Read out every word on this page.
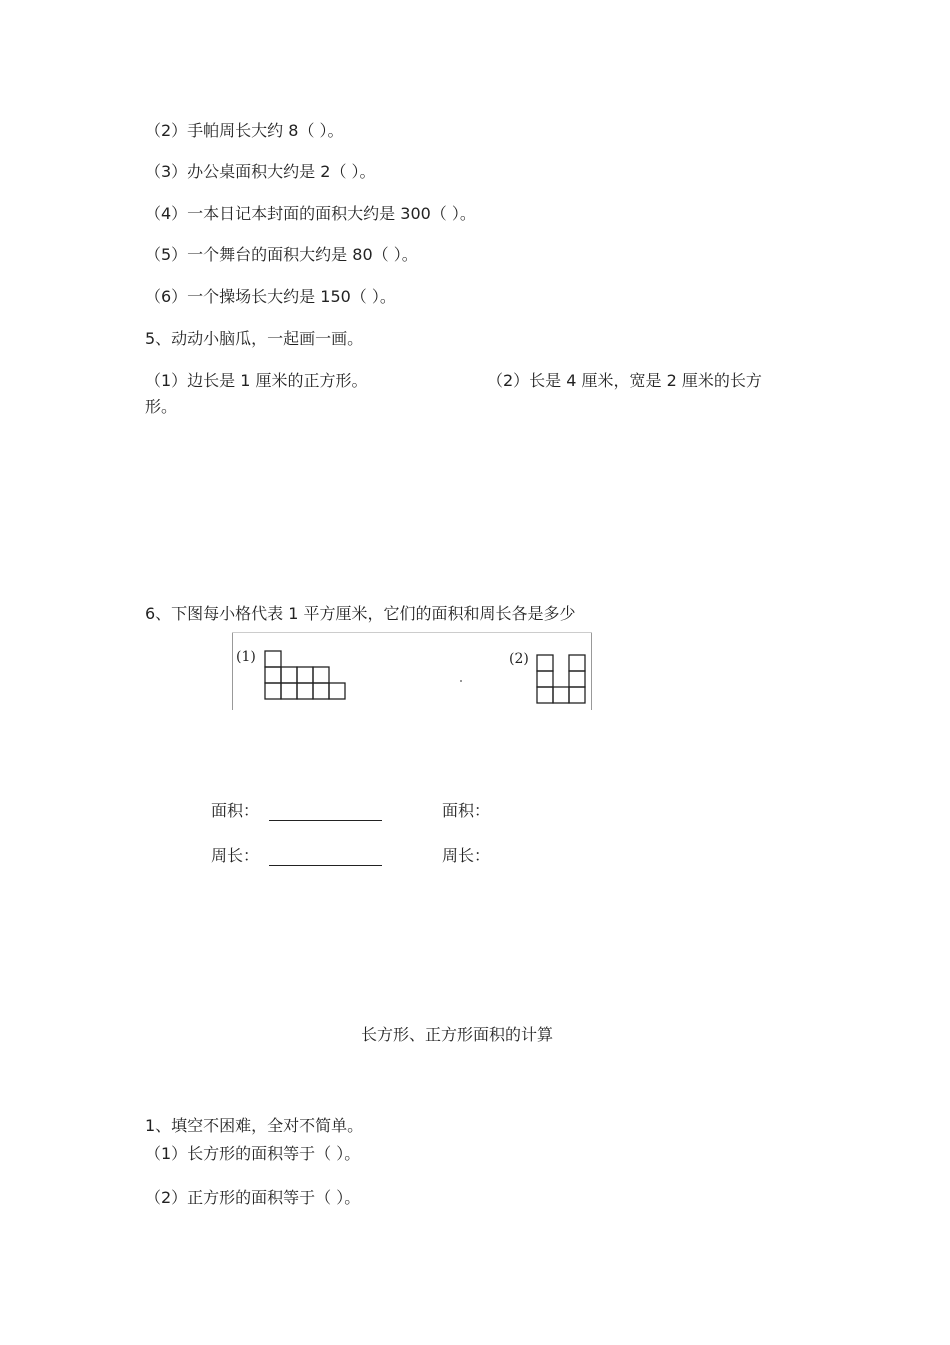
（2）手帕周长大约 8（ ）。
（3）办公桌面积大约是 2（ ）。
（4）一本日记本封面的面积大约是 300（ ）。
（5）一个舞台的面积大约是 80（ ）。
（6）一个操场长大约是 150（ ）。
5、动动小脑瓜，一起画一画。
（1）边长是 1 厘米的正方形。	（2）长是 4 厘米，宽是 2 厘米的长方
形。
6、下图每小格代表 1 平方厘米，它们的面积和周长各是多少
(1)	(2)
面积：	面积：
周长：	周长：
长方形、正方形面积的计算
1、填空不困难，全对不简单。
（1）长方形的面积等于（ ）。
（2）正方形的面积等于（ ）。
